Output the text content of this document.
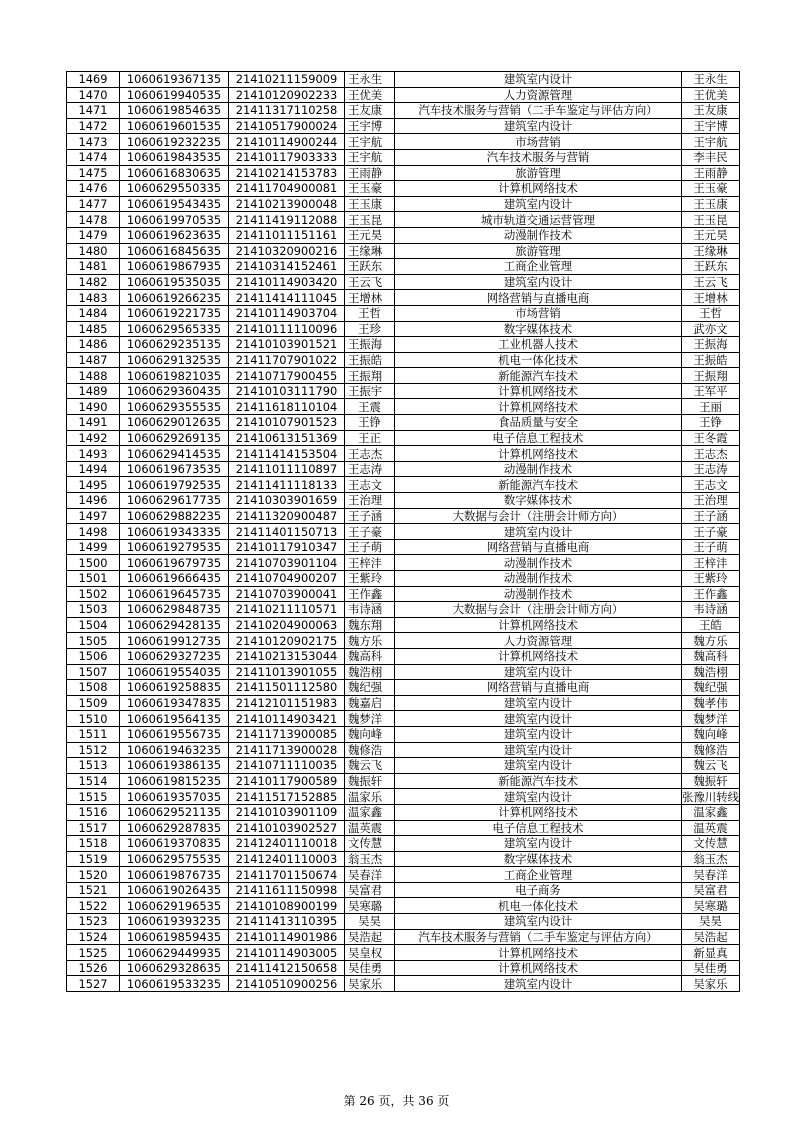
1469	1060619367135	21410211159009	王永生	建筑室内设计	王永生
1470	1060619940535	21410120902233	王优美	人力资源管理	王优美
1471	1060619854635	21411317110258	王友康	汽车技术服务与营销（二手车鉴定与评估方向）	王友康
1472	1060619601535	21410517900024	王宇博	建筑室内设计	王宇博
1473	1060619232235	21410114900244	王宇航	市场营销	王宇航
1474	1060619843535	21410117903333	王宇航	汽车技术服务与营销	李丰民
1475	1060616830635	21410214153783	王雨静	旅游管理	王雨静
1476	1060629550335	21411704900081	王玉豪	计算机网络技术	王玉豪
1477	1060619543435	21410213900048	王玉康	建筑室内设计	王玉康
1478	1060619970535	21411419112088	王玉昆	城市轨道交通运营管理	王玉昆
1479	1060619623635	21411011151161	王元昊	动漫制作技术	王元昊
1480	1060616845635	21410320900216	王缘琳	旅游管理	王缘琳
1481	1060619867935	21410314152461	王跃东	工商企业管理	王跃东
1482	1060619535035	21410114903420	王云飞	建筑室内设计	王云飞
1483	1060619266235	21411414111045	王增林	网络营销与直播电商	王增林
1484	1060619221735	21410114903704	王哲	市场营销	王哲
1485	1060629565335	21410111110096	王珍	数字媒体技术	武亦文
1486	1060629235135	21410103901521	王振海	工业机器人技术	王振海
1487	1060629132535	21411707901022	王振皓	机电一体化技术	王振皓
1488	1060619821035	21410717900455	王振翔	新能源汽车技术	王振翔
1489	1060629360435	21410103111790	王振宇	计算机网络技术	王军平
1490	1060629355535	21411618110104	王震	计算机网络技术	王丽
1491	1060629012635	21410107901523	王铮	食品质量与安全	王铮
1492	1060629269135	21410613151369	王正	电子信息工程技术	王冬霞
1493	1060629414535	21411414153504	王志杰	计算机网络技术	王志杰
1494	1060619673535	21411011110897	王志涛	动漫制作技术	王志涛
1495	1060619792535	21411411118133	王志文	新能源汽车技术	王志文
1496	1060629617735	21410303901659	王治理	数字媒体技术	王治理
1497	1060629882235	21411320900487	王子涵	大数据与会计（注册会计师方向）	王子涵
1498	1060619343335	21411401150713	王子豪	建筑室内设计	王子豪
1499	1060619279535	21410117910347	王子萌	网络营销与直播电商	王子萌
1500	1060619679735	21410703901104	王梓沣	动漫制作技术	王梓沣
1501	1060619666435	21410704900207	王紫玲	动漫制作技术	王紫玲
1502	1060619645735	21410703900041	王作鑫	动漫制作技术	王作鑫
1503	1060629848735	21410211110571	韦诗涵	大数据与会计（注册会计师方向）	韦诗涵
1504	1060629428135	21410204900063	魏东翔	计算机网络技术	王皓
1505	1060619912735	21410120902175	魏方乐	人力资源管理	魏方乐
1506	1060629327235	21410213153044	魏高科	计算机网络技术	魏高科
1507	1060619554035	21411013901055	魏浩栩	建筑室内设计	魏浩栩
1508	1060619258835	21411501112580	魏纪强	网络营销与直播电商	魏纪强
1509	1060619347835	21412101151983	魏嘉启	建筑室内设计	魏孝伟
1510	1060619564135	21410114903421	魏梦洋	建筑室内设计	魏梦洋
1511	1060619556735	21411713900085	魏向峰	建筑室内设计	魏向峰
1512	1060619463235	21411713900028	魏修浩	建筑室内设计	魏修浩
1513	1060619386135	21410711110035	魏云飞	建筑室内设计	魏云飞
1514	1060619815235	21410117900589	魏振轩	新能源汽车技术	魏振轩
1515	1060619357035	21411517152885	温家乐	建筑室内设计	张豫川转线
1516	1060629521135	21410103901109	温家鑫	计算机网络技术	温家鑫
1517	1060629287835	21410103902527	温英震	电子信息工程技术	温英震
1518	1060619370835	21412401110018	文传慧	建筑室内设计	文传慧
1519	1060629575535	21412401110003	翁玉杰	数字媒体技术	翁玉杰
1520	1060619876735	21411701150674	吴春洋	工商企业管理	吴春洋
1521	1060619026435	21411611150998	吴富君	电子商务	吴富君
1522	1060629196535	21410108900199	吴寒璐	机电一体化技术	吴寒璐
1523	1060619393235	21411413110395	吴昊	建筑室内设计	吴昊
1524	1060619859435	21410114901986	吴浩起	汽车技术服务与营销（二手车鉴定与评估方向）	吴浩起
1525	1060629449935	21410114903005	吴皇权	计算机网络技术	新显真
1526	1060629328635	21411412150658	吴佳勇	计算机网络技术	吴佳勇
1527	1060619533235	21410510900256	吴家乐	建筑室内设计	吴家乐
第 26 页，共 36 页
